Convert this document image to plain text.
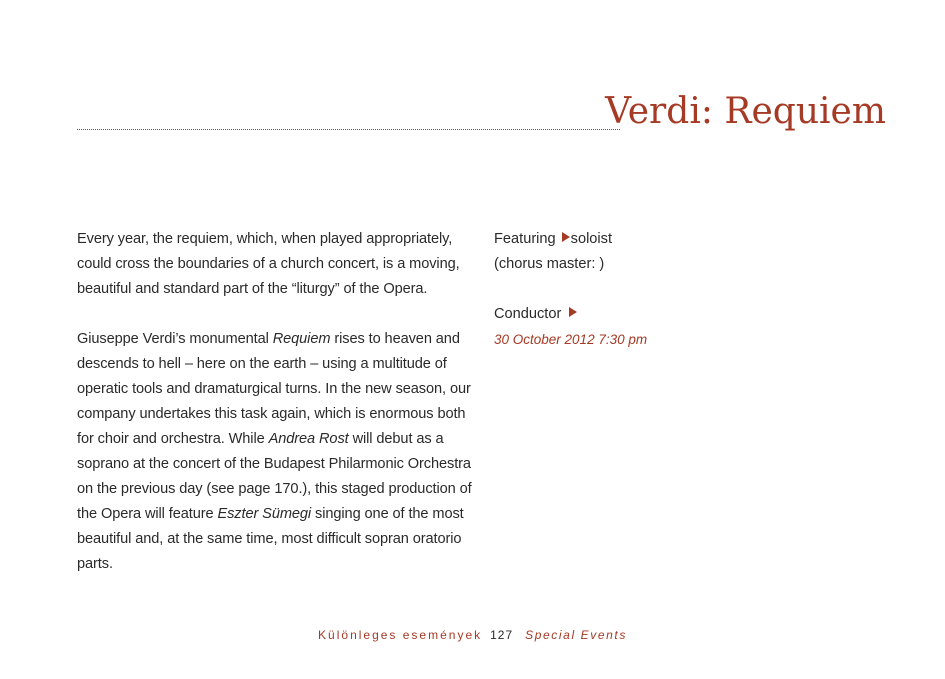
Verdi: Requiem

Every year, the requiem, which, when played appropriately, could cross the boundaries of a church concert, is a moving, beautiful and standard part of the “liturgy” of the Opera.

Giuseppe Verdi’s monumental Requiem rises to heaven and descends to hell – here on the earth – using a multitude of operatic tools and dramaturgical turns. In the new season, our company undertakes this task again, which is enormous both for choir and orchestra. While Andrea Rost will debut as a soprano at the concert of the Budapest Philarmonic Orchestra on the previous day (see page 170.), this staged production of the Opera will feature Eszter Sümegi singing one of the most beautiful and, at the same time, most difficult sopran oratorio parts.

Featuring soloist

(chorus master: )

Conductor

30 October 2012 7:30 pm

Különleges események 127 Special Events
